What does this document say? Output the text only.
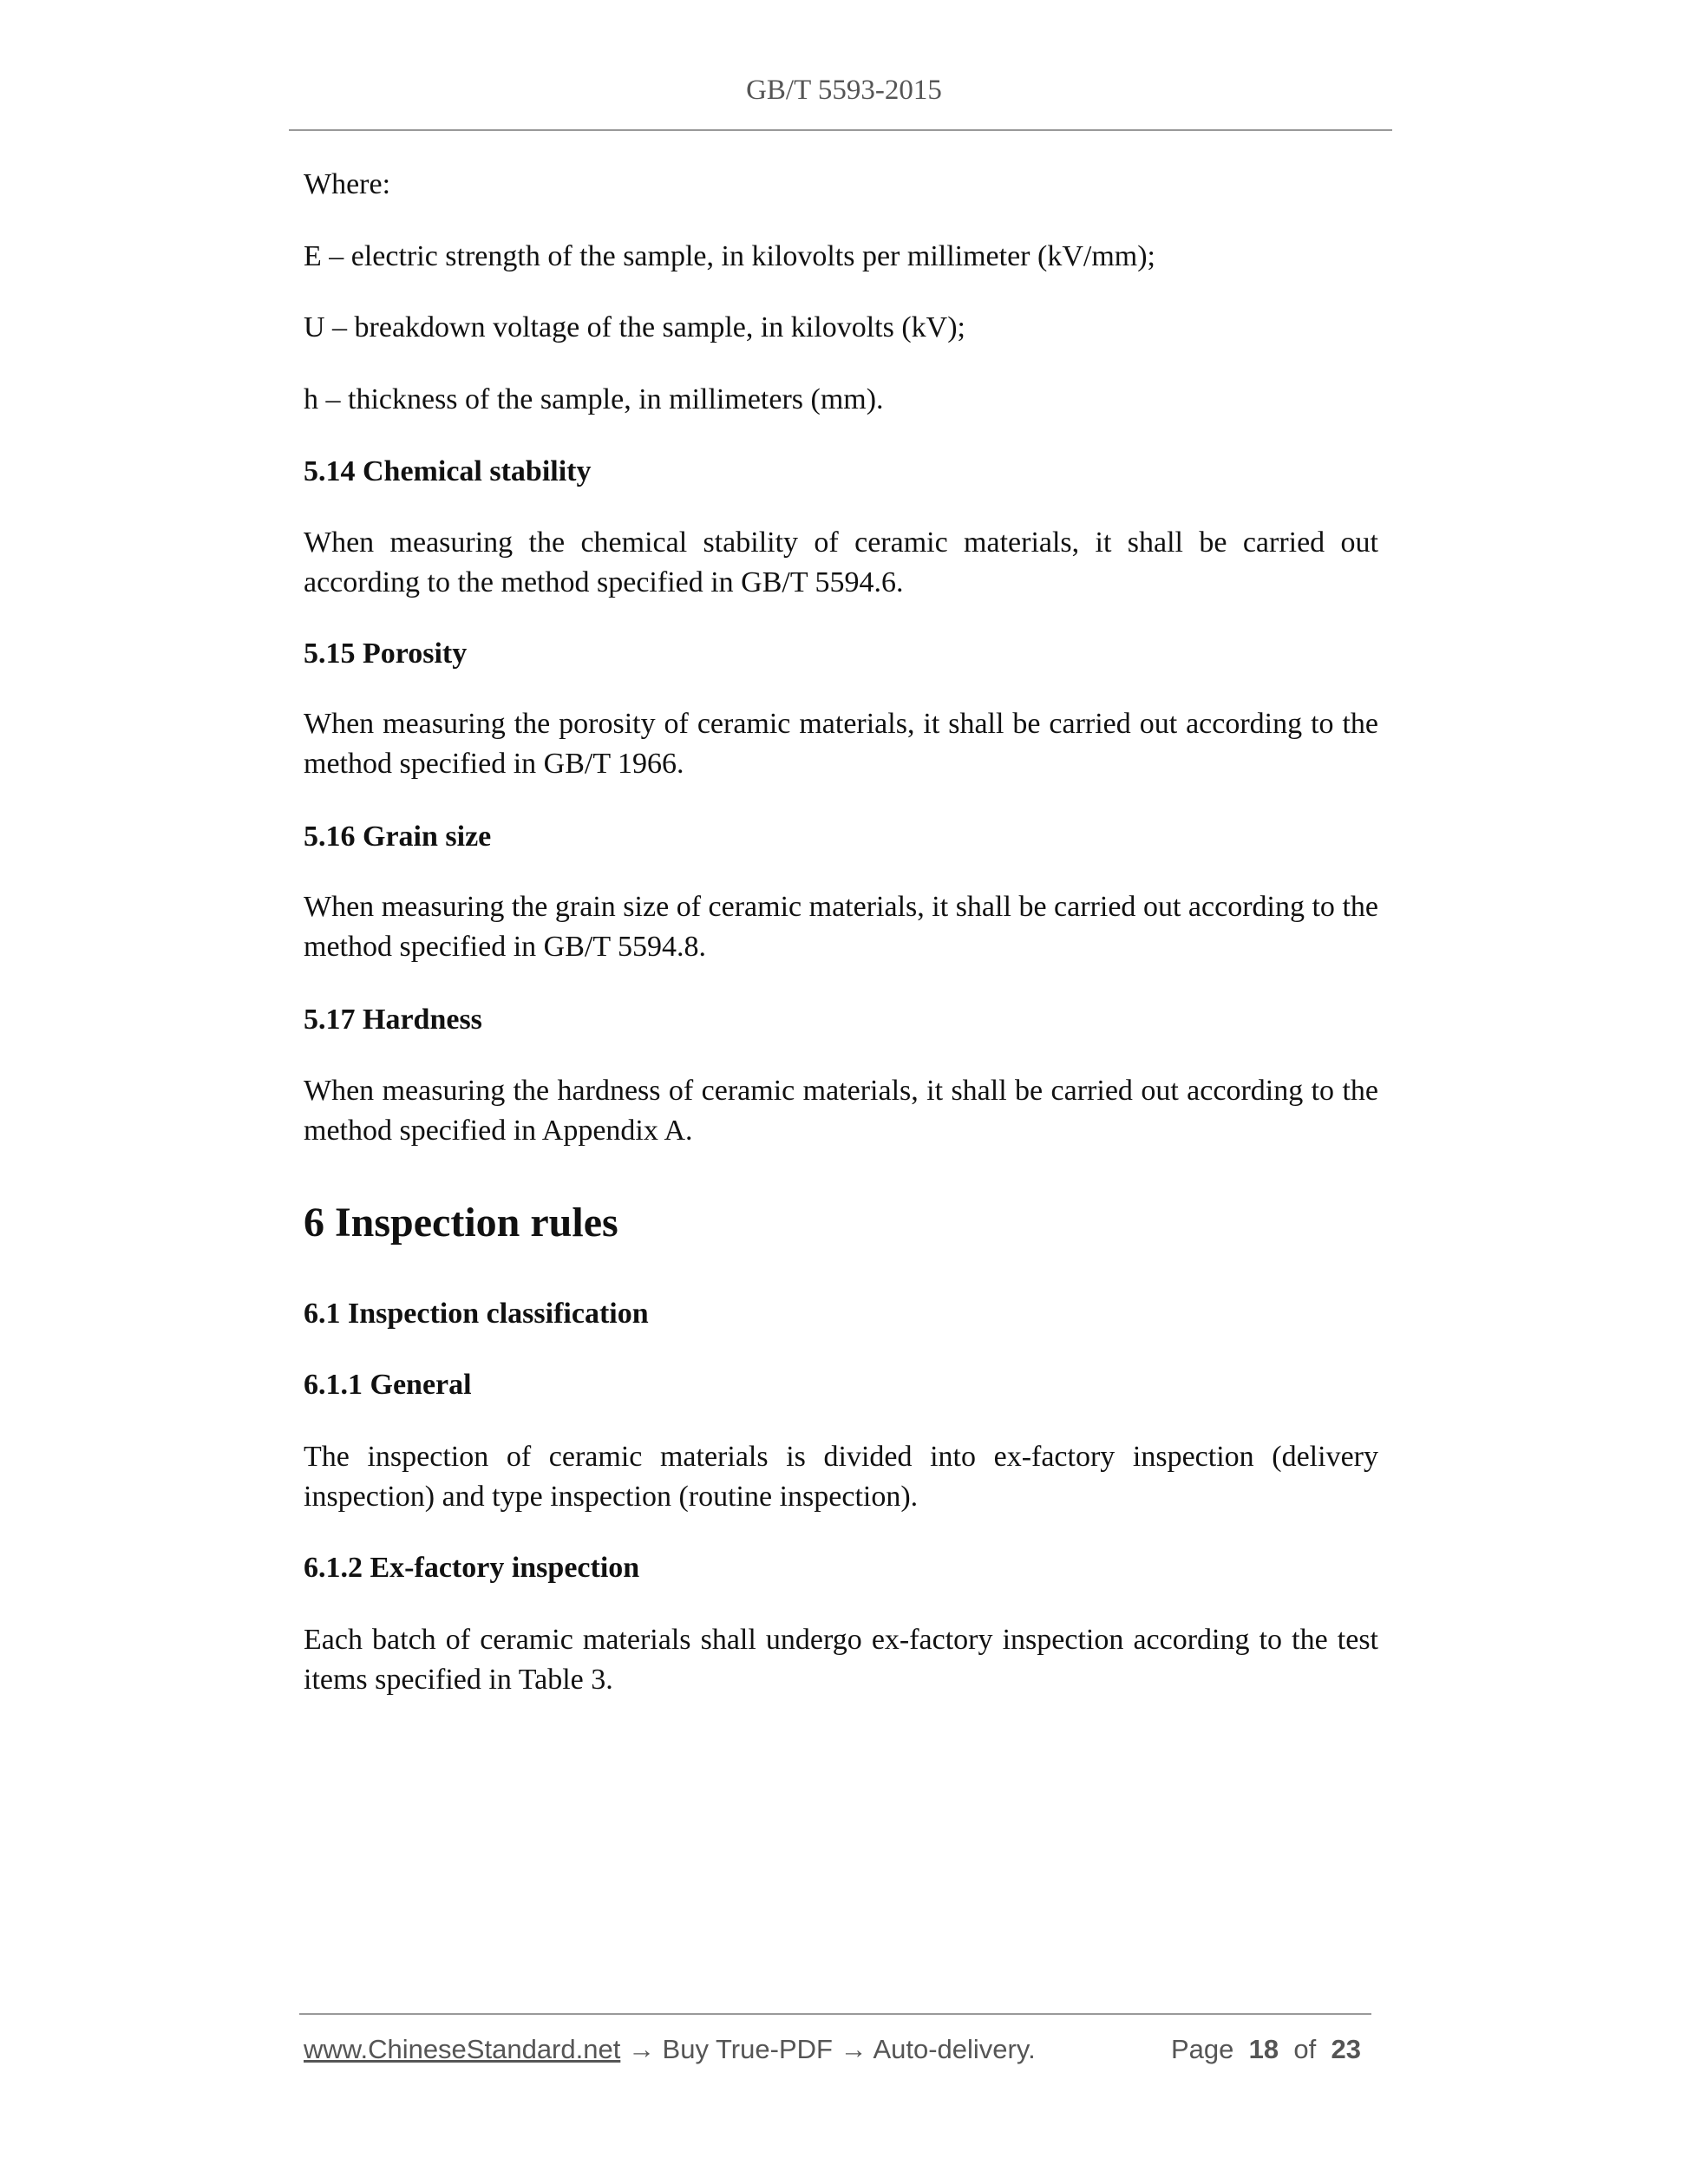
GB/T 5593-2015
Where:
E – electric strength of the sample, in kilovolts per millimeter (kV/mm);
U – breakdown voltage of the sample, in kilovolts (kV);
h – thickness of the sample, in millimeters (mm).
5.14 Chemical stability
When measuring the chemical stability of ceramic materials, it shall be carried out according to the method specified in GB/T 5594.6.
5.15 Porosity
When measuring the porosity of ceramic materials, it shall be carried out according to the method specified in GB/T 1966.
5.16 Grain size
When measuring the grain size of ceramic materials, it shall be carried out according to the method specified in GB/T 5594.8.
5.17 Hardness
When measuring the hardness of ceramic materials, it shall be carried out according to the method specified in Appendix A.
6 Inspection rules
6.1 Inspection classification
6.1.1 General
The inspection of ceramic materials is divided into ex-factory inspection (delivery inspection) and type inspection (routine inspection).
6.1.2 Ex-factory inspection
Each batch of ceramic materials shall undergo ex-factory inspection according to the test items specified in Table 3.
www.ChineseStandard.net → Buy True-PDF → Auto-delivery.	Page 18 of 23
